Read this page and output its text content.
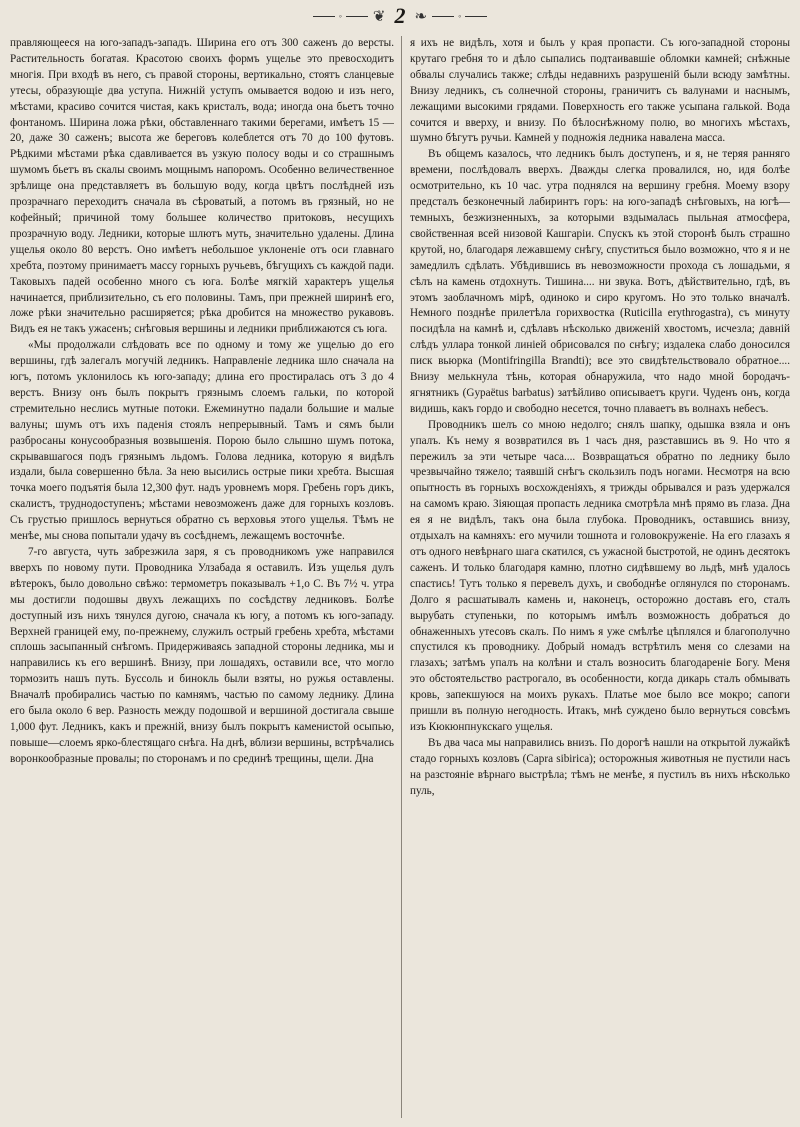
◦ ❦ 2 ❧	◦

правляющееся на юго-западъ-западъ. Ширина его отъ 300 саженъ до версты. Растительность богатая. Красотою своихъ формъ ущелье это превосходитъ многiя. При входѣ въ него, съ правой стороны, вертикально, стоятъ сланцевые утесы, образующiе два уступа. Нижнiй уступъ омывается водою и изъ него, мѣстами, красиво сочится чистая, какъ кристалъ, вода; иногда она бьетъ точно фонтаномъ. Ширина ложа рѣки, обставленнаго такими берегами, имѣетъ 15 — 20, даже 30 саженъ; высота же береговъ колеблется отъ 70 до 100 футовъ. Рѣдкими мѣстами рѣка сдавливается въ узкую полосу воды и со страшнымъ шумомъ бьетъ въ скалы своимъ мощнымъ напоромъ. Особенно величественное зрѣлище она представляетъ въ большую воду, когда цвѣтъ послѣдней изъ прозрачнаго переходитъ сначала въ сѣроватый, а потомъ въ грязный, но не кофейный; причиной тому большее количество притоковъ, несущихъ прозрачную воду. Ледники, которые шлютъ муть, значительно удалены. Длина ущелья около 80 верстъ. Оно имѣетъ небольшое уклоненiе отъ оси главнаго хребта, поэтому принимаетъ массу горныхъ ручьевъ, бѣгущихъ съ каждой пади. Таковыхъ падей особенно много съ юга. Болѣе мягкiй характеръ ущелья начинается, приблизительно, съ его половины. Тамъ, при прежней ширинѣ его, ложе рѣки значительно расширяется; рѣка дробится на множество рукавовъ. Видъ ея не такъ ужасенъ; снѣговыя вершины и ледники приближаются съ юга.

«Мы продолжали слѣдовать все по одному и тому же ущелью до его вершины, гдѣ залегалъ могучiй ледникъ. Направленiе ледника шло сначала на югъ, потомъ уклонилось къ юго-западу; длина его простиралась отъ 3 до 4 верстъ. Внизу онъ былъ покрытъ грязнымъ слоемъ гальки, по которой стремительно неслись мутные потоки. Ежеминутно падали большие и малые валуны; шумъ отъ ихъ паденiя стоялъ непрерывный. Тамъ и сямъ были разбросаны конусообразныя возвышенiя. Порою было слышно шумъ потока, скрывавшагося подъ грязнымъ льдомъ. Голова ледника, которую я видѣлъ издали, была совершенно бѣла. За нею высились острые пики хребта. Высшая точка моего подъятiя была 12,300 фут. надъ уровнемъ моря. Гребень горъ дикъ, скалистъ, труднодоступенъ; мѣстами невозможенъ даже для горныхъ козловъ. Съ грустью пришлось вернуться обратно съ верховья этого ущелья. Тѣмъ не менѣе, мы снова попытали удачу въ сосѣднемъ, лежащемъ восточнѣе.

7-го августа, чуть забрезжила заря, я съ проводникомъ уже направился вверхъ по новому пути. Проводника Улзабада я оставилъ. Изъ ущелья дулъ вѣтерокъ, было довольно свѣжо: термометръ показывалъ +1,о С. Въ 7½ ч. утра мы достигли подошвы двухъ лежащихъ по сосѣдству ледниковъ. Болѣе доступный изъ нихъ тянулся дугою, сначала къ югу, а потомъ къ юго-западу. Верхней границей ему, по-прежнему, служилъ острый гребень хребта, мѣстами сплошь засыпанный снѣгомъ. Придерживаясь западной стороны ледника, мы и направились къ его вершинѣ. Внизу, при лошадяхъ, оставили все, что могло тормозить нашъ путь. Буссоль и бинокль были взяты, но ружья оставлены. Вначалѣ пробирались частью по камнямъ, частью по самому леднику. Длина его была около 6 вер. Разность между подошвой и вершиной достигала свыше 1,000 фут. Ледникъ, какъ и прежнiй, внизу былъ покрытъ каменистой осыпью, повыше—слоемъ ярко-блестящаго снѣга. На днѣ, вблизи вершины, встрѣчались воронкообразные провалы; по сторонамъ и по срединѣ трещины, щели. Дна

я ихъ не видѣлъ, хотя и былъ у края пропасти. Съ юго-западной стороны крутаго гребня то и дѣло сыпались подтаивавшiе обломки камней; снѣжные обвалы случались также; слѣды недавнихъ разрушенiй были всюду замѣтны. Внизу ледникъ, съ солнечной стороны, граничитъ съ валунами и наснымъ, лежащими высокими грядами. Поверхность его также усыпана галькой. Вода сочится и вверху, и внизу. По бѣлоснѣжному полю, во многихъ мѣстахъ, шумно бѣгутъ ручьи. Камней у подножiя ледника навалена масса.

Въ общемъ казалось, что ледникъ былъ доступенъ, и я, не теряя ранняго времени, послѣдовалъ вверхъ. Дважды слегка провалился, но, идя болѣе осмотрительно, къ 10 час. утра поднялся на вершину гребня. Моему взору предсталъ безконечный лабиринтъ горъ: на юго-западѣ снѣговыхъ, на югѣ—темныхъ, безжизненныхъ, за которыми вздымалась пыльная атмосфера, свойственная всей низовой Кашгарiи. Спускъ къ этой сторонѣ былъ страшно крутой, но, благодаря лежавшему снѣгу, спуститься было возможно, что я и не замедлилъ сдѣлать. Убѣдившись въ невозможности прохода съ лошадьми, я сѣлъ на камень отдохнуть. Тишина.... ни звука. Вотъ, дѣйствительно, гдѣ, въ этомъ заоблачномъ мiрѣ, одиноко и сиро кругомъ. Но это только вначалѣ. Немного позднѣе прилетѣла горихвостка (Ruticilla erythrogastra), съ минуту посидѣла на камнѣ и, сдѣлавъ нѣсколько движенiй хвостомъ, исчезла; давнiй слѣдъ уллара тонкой линiей обрисовался по снѣгу; издалека слабо доносился писк вьюрка (Montifringilla Brandti); все это свидѣтельствовало обратное.... Внизу мелькнула тѣнь, которая обнаружила, что надо мной бородачъ-ягнятникъ (Gypaëtus barbatus) затѣйливо описываетъ круги. Чуденъ онъ, когда видишь, какъ гордо и свободно несется, точно плаваетъ въ волнахъ небесъ.

Проводникъ шелъ со мною недолго; снялъ шапку, одышка взяла и онъ упалъ. Къ нему я возвратился въ 1 часъ дня, разставшись въ 9. Но что я пережилъ за эти четыре часа.... Возвращаться обратно по леднику было чрезвычайно тяжело; таявшiй снѣгъ скользилъ подъ ногами. Несмотря на всю опытность въ горныхъ восхожденiяхъ, я трижды обрывался и разъ удержался на самомъ краю. Зiяющая пропасть ледника смотрѣла мнѣ прямо въ глаза. Дна ея я не видѣлъ, такъ она была глубока. Проводникъ, оставшись внизу, отдыхалъ на камняхъ: его мучили тошнота и головокруженiе. На его глазахъ я отъ одного невѣрнаго шага скатился, съ ужасной быстротой, не одинъ десятокъ саженъ. И только благодаря камню, плотно сидѣвшему во льдѣ, мнѣ удалось спастись! Тутъ только я перевелъ духъ, и свободнѣе оглянулся по сторонамъ. Долго я расшатывалъ камень и, наконецъ, осторожно доставъ его, сталъ вырубать ступеньки, по которымъ имѣлъ возможность добраться до обнаженныхъ утесовъ скалъ. По нимъ я уже смѣлѣе цѣплялся и благополучно спустился къ проводнику. Добрый номадъ встрѣтилъ меня со слезами на глазахъ; затѣмъ упалъ на колѣни и сталъ возносить благодаренiе Богу. Меня это обстоятельство растрогало, въ особенности, когда дикарь сталъ обмывать кровь, запекшуюся на моихъ рукахъ. Платье мое было все мокро; сапоги пришли въ полную негодность. Итакъ, мнѣ суждено было вернуться совсѣмъ изъ Кюкюнпнукскаго ущелья.

Въ два часа мы направились внизъ. По дорогѣ нашли на открытой лужайкѣ стадо горныхъ козловъ (Capra sibirica); осторожныя животныя не пустили насъ на разстоянiе вѣрнаго выстрѣла; тѣмъ не менѣе, я пустилъ въ нихъ нѣсколько пуль,
